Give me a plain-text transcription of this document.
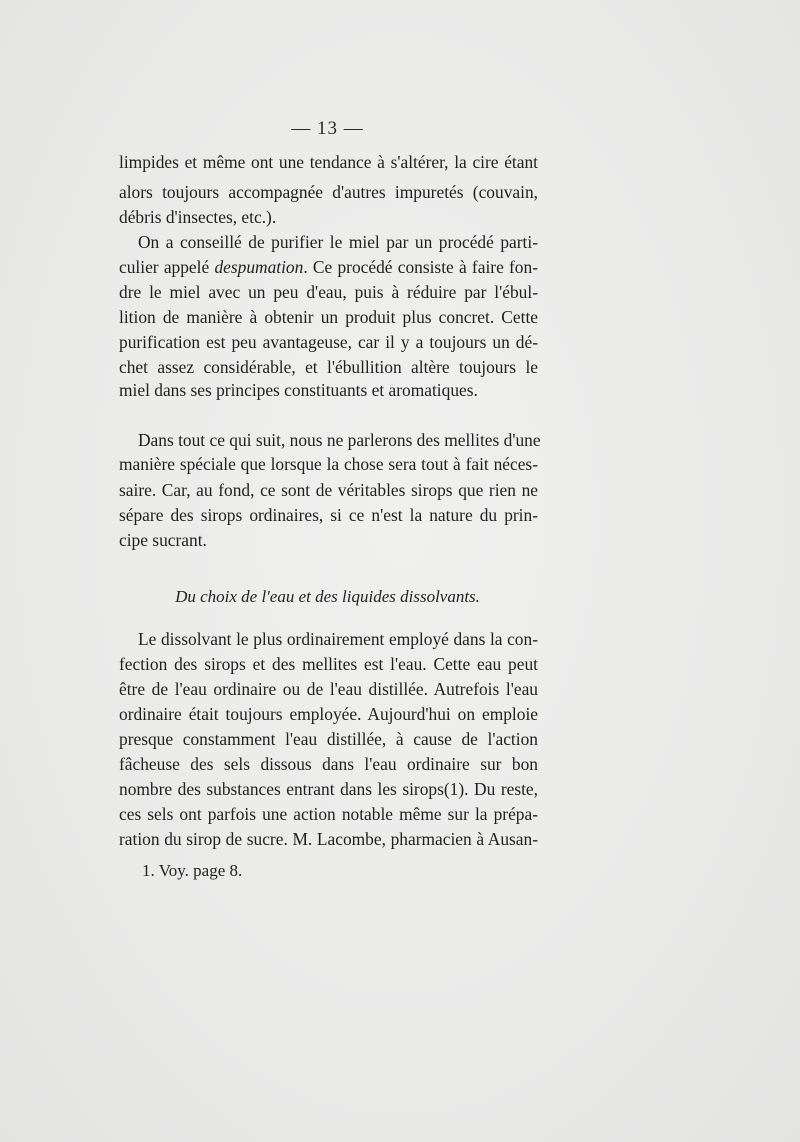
— 13 —
limpides et même ont une tendance à s'altérer, la cire étant
alors toujours accompagnée d'autres impuretés (couvain,
débris d'insectes, etc.).
On a conseillé de purifier le miel par un procédé parti-
culier appelé despumation. Ce procédé consiste à faire fon-
dre le miel avec un peu d'eau, puis à réduire par l'ébul-
lition de manière à obtenir un produit plus concret. Cette
purification est peu avantageuse, car il y a toujours un dé-
chet assez considérable, et l'ébullition altère toujours le
miel dans ses principes constituants et aromatiques.
Dans tout ce qui suit, nous ne parlerons des mellites d'une
manière spéciale que lorsque la chose sera tout à fait néces-
saire. Car, au fond, ce sont de véritables sirops que rien ne
sépare des sirops ordinaires, si ce n'est la nature du prin-
cipe sucrant.
Du choix de l'eau et des liquides dissolvants.
Le dissolvant le plus ordinairement employé dans la con-
fection des sirops et des mellites est l'eau. Cette eau peut
être de l'eau ordinaire ou de l'eau distillée. Autrefois l'eau
ordinaire était toujours employée. Aujourd'hui on emploie
presque constamment l'eau distillée, à cause de l'action
fâcheuse des sels dissous dans l'eau ordinaire sur bon
nombre des substances entrant dans les sirops(1). Du reste,
ces sels ont parfois une action notable même sur la prépa-
ration du sirop de sucre. M. Lacombe, pharmacien à Ausan-
1. Voy. page 8.
